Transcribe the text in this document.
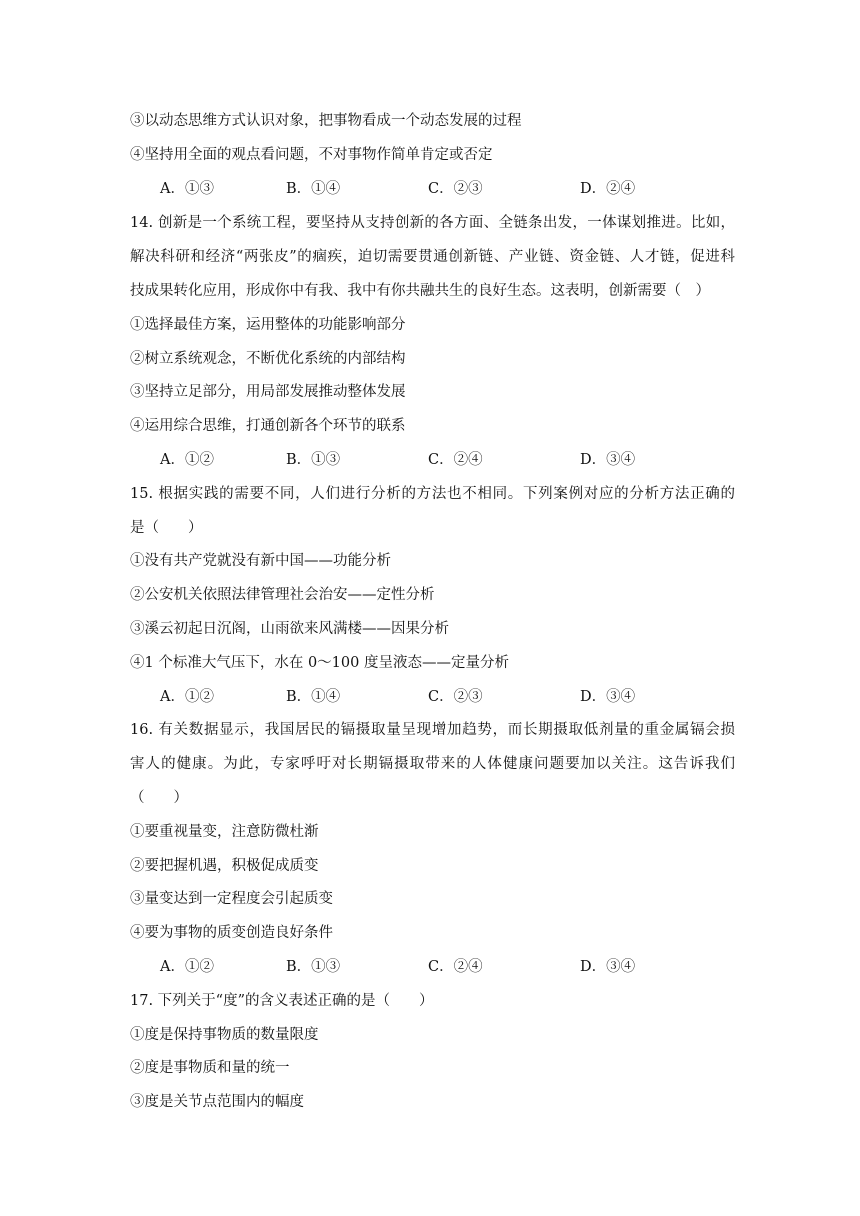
③以动态思维方式认识对象，把事物看成一个动态发展的过程
④坚持用全面的观点看问题，不对事物作简单肯定或否定
A．①③	B．①④	C．②③	D．②④
14. 创新是一个系统工程，要坚持从支持创新的各方面、全链条出发，一体谋划推进。比如，
解决科研和经济“两张皮”的痼疾，迫切需要贯通创新链、产业链、资金链、人才链，促进科
技成果转化应用，形成你中有我、我中有你共融共生的良好生态。这表明，创新需要（　）
①选择最佳方案，运用整体的功能影响部分
②树立系统观念，不断优化系统的内部结构
③坚持立足部分，用局部发展推动整体发展
④运用综合思维，打通创新各个环节的联系
A．①②	B．①③	C．②④	D．③④
15. 根据实践的需要不同，人们进行分析的方法也不相同。下列案例对应的分析方法正确的
是（　　）
①没有共产党就没有新中国——功能分析
②公安机关依照法律管理社会治安——定性分析
③溪云初起日沉阁，山雨欲来风满楼——因果分析
④1 个标准大气压下，水在 0～100 度呈液态——定量分析
A．①②	B．①④	C．②③	D．③④
16. 有关数据显示，我国居民的镉摄取量呈现增加趋势，而长期摄取低剂量的重金属镉会损
害人的健康。为此，专家呼吁对长期镉摄取带来的人体健康问题要加以关注。这告诉我们
（　　）
①要重视量变，注意防微杜渐
②要把握机遇，积极促成质变
③量变达到一定程度会引起质变
④要为事物的质变创造良好条件
A．①②	B．①③	C．②④	D．③④
17. 下列关于“度”的含义表述正确的是（　　）
①度是保持事物质的数量限度
②度是事物质和量的统一
③度是关节点范围内的幅度
